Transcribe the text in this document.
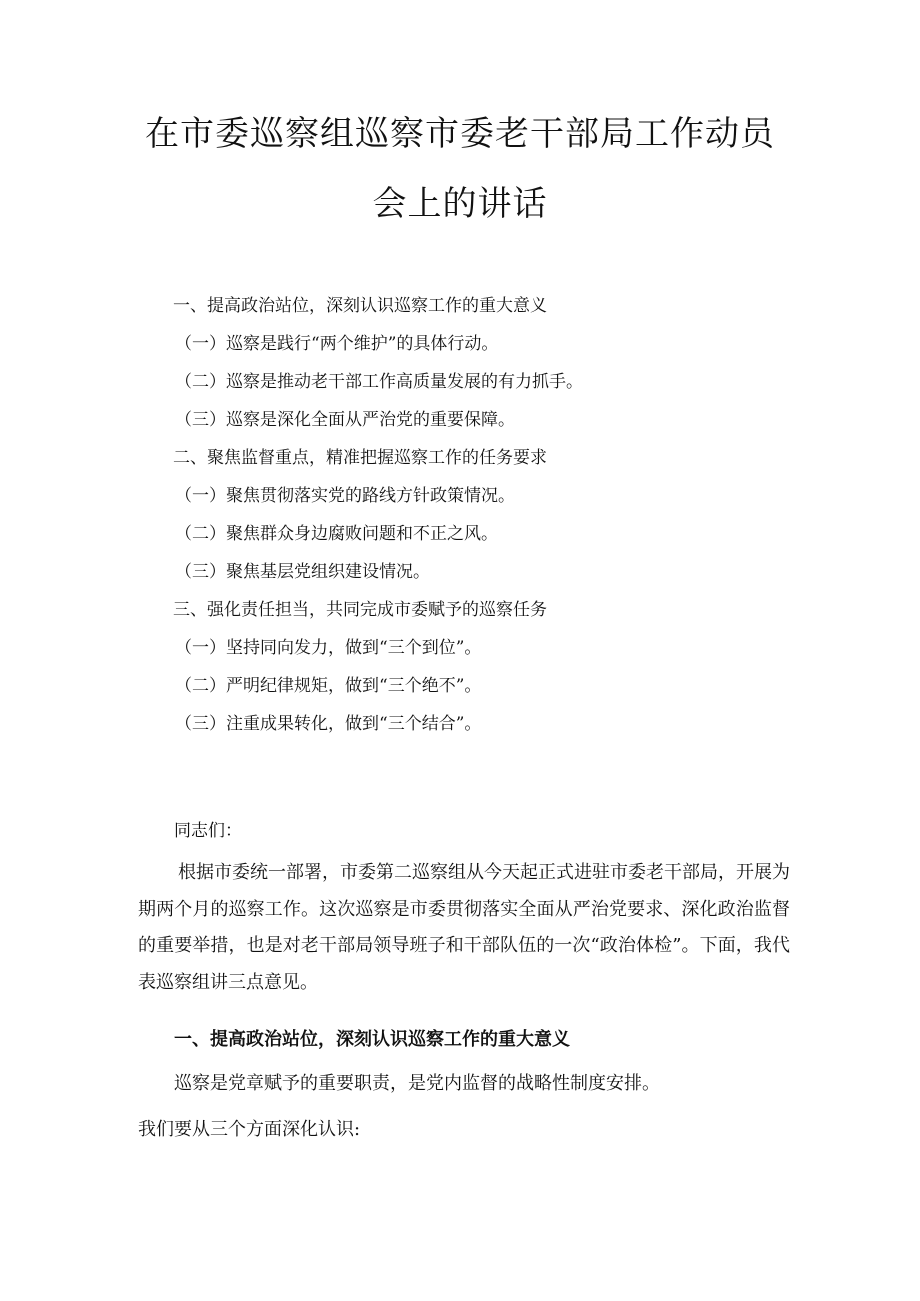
在市委巡察组巡察市委老干部局工作动员
会上的讲话
一、提高政治站位，深刻认识巡察工作的重大意义
（一）巡察是践行“两个维护”的具体行动。
（二）巡察是推动老干部工作高质量发展的有力抓手。
（三）巡察是深化全面从严治党的重要保障。
二、聚焦监督重点，精准把握巡察工作的任务要求
（一）聚焦贯彻落实党的路线方针政策情况。
（二）聚焦群众身边腐败问题和不正之风。
（三）聚焦基层党组织建设情况。
三、强化责任担当，共同完成市委赋予的巡察任务
（一）坚持同向发力，做到“三个到位”。
（二）严明纪律规矩，做到“三个绝不”。
（三）注重成果转化，做到“三个结合”。
同志们：

根据市委统一部署，市委第二巡察组从今天起正式进驻市委老干部局，开展为期两个月的巡察工作。这次巡察是市委贯彻落实全面从严治党要求、深化政治监督的重要举措，也是对老干部局领导班子和干部队伍的一次“政治体检”。下面，我代表巡察组讲三点意见。

一、提高政治站位，深刻认识巡察工作的重大意义
巡察是党章赋予的重要职责，是党内监督的战略性制度安排。
我们要从三个方面深化认识:
